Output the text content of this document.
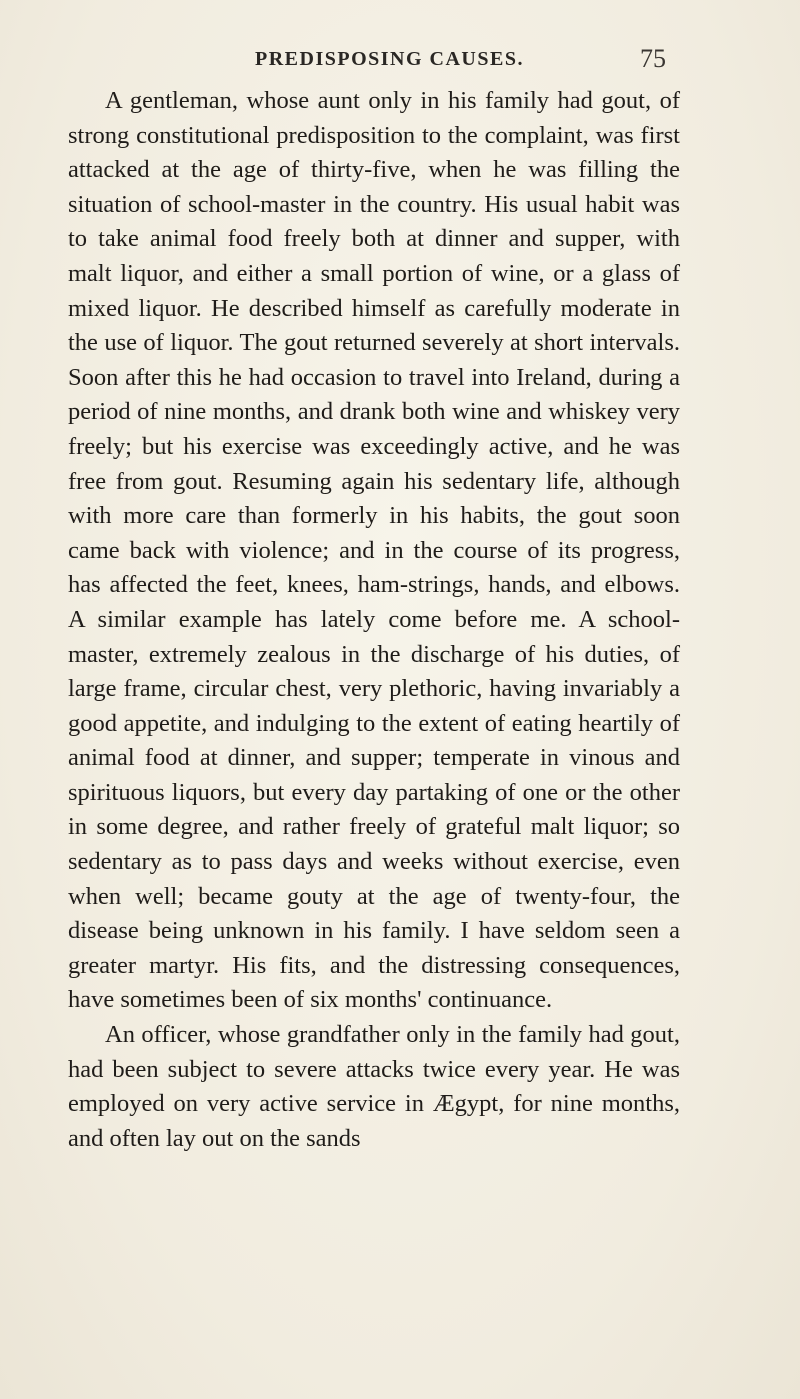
PREDISPOSING CAUSES.	75

A gentleman, whose aunt only in his family had gout, of strong constitutional predisposition to the complaint, was first attacked at the age of thirty-five, when he was filling the situation of school-master in the country. His usual habit was to take animal food freely both at dinner and supper, with malt liquor, and either a small portion of wine, or a glass of mixed liquor. He described himself as carefully moderate in the use of liquor. The gout returned severely at short intervals. Soon after this he had occasion to travel into Ireland, during a period of nine months, and drank both wine and whiskey very freely; but his exercise was exceedingly active, and he was free from gout. Resuming again his sedentary life, although with more care than formerly in his habits, the gout soon came back with violence; and in the course of its progress, has affected the feet, knees, ham-strings, hands, and elbows. A similar example has lately come before me. A school-master, extremely zealous in the discharge of his duties, of large frame, circular chest, very plethoric, having invariably a good appetite, and indulging to the extent of eating heartily of animal food at dinner, and supper; temperate in vinous and spirituous liquors, but every day partaking of one or the other in some degree, and rather freely of grateful malt liquor; so sedentary as to pass days and weeks without exercise, even when well; became gouty at the age of twenty-four, the disease being unknown in his family. I have seldom seen a greater martyr. His fits, and the distressing consequences, have sometimes been of six months' continuance.

An officer, whose grandfather only in the family had gout, had been subject to severe attacks twice every year. He was employed on very active service in Ægypt, for nine months, and often lay out on the sands
